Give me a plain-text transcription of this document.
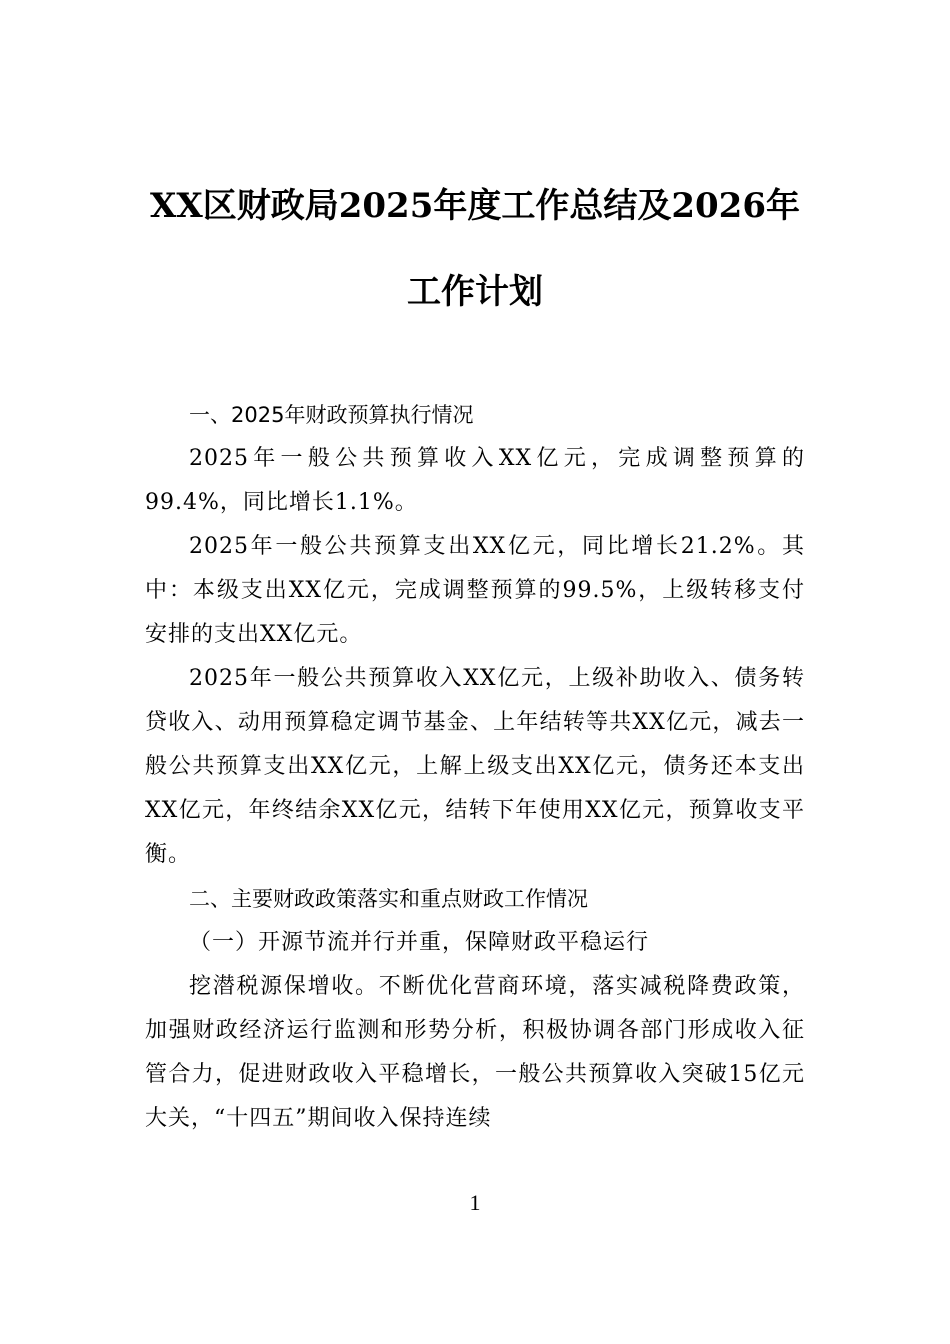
XX区财政局2025年度工作总结及2026年
工作计划

一、2025年财政预算执行情况

2025年一般公共预算收入XX亿元，完成调整预算的99.4%，同比增长1.1%。

2025年一般公共预算支出XX亿元，同比增长21.2%。其中：本级支出XX亿元，完成调整预算的99.5%，上级转移支付安排的支出XX亿元。

2025年一般公共预算收入XX亿元，上级补助收入、债务转贷收入、动用预算稳定调节基金、上年结转等共XX亿元，减去一般公共预算支出XX亿元，上解上级支出XX亿元，债务还本支出XX亿元，年终结余XX亿元，结转下年使用XX亿元，预算收支平衡。

二、主要财政政策落实和重点财政工作情况

（一）开源节流并行并重，保障财政平稳运行

挖潜税源保增收。不断优化营商环境，落实减税降费政策，加强财政经济运行监测和形势分析，积极协调各部门形成收入征管合力，促进财政收入平稳增长，一般公共预算收入突破15亿元大关，“十四五”期间收入保持连续

1
